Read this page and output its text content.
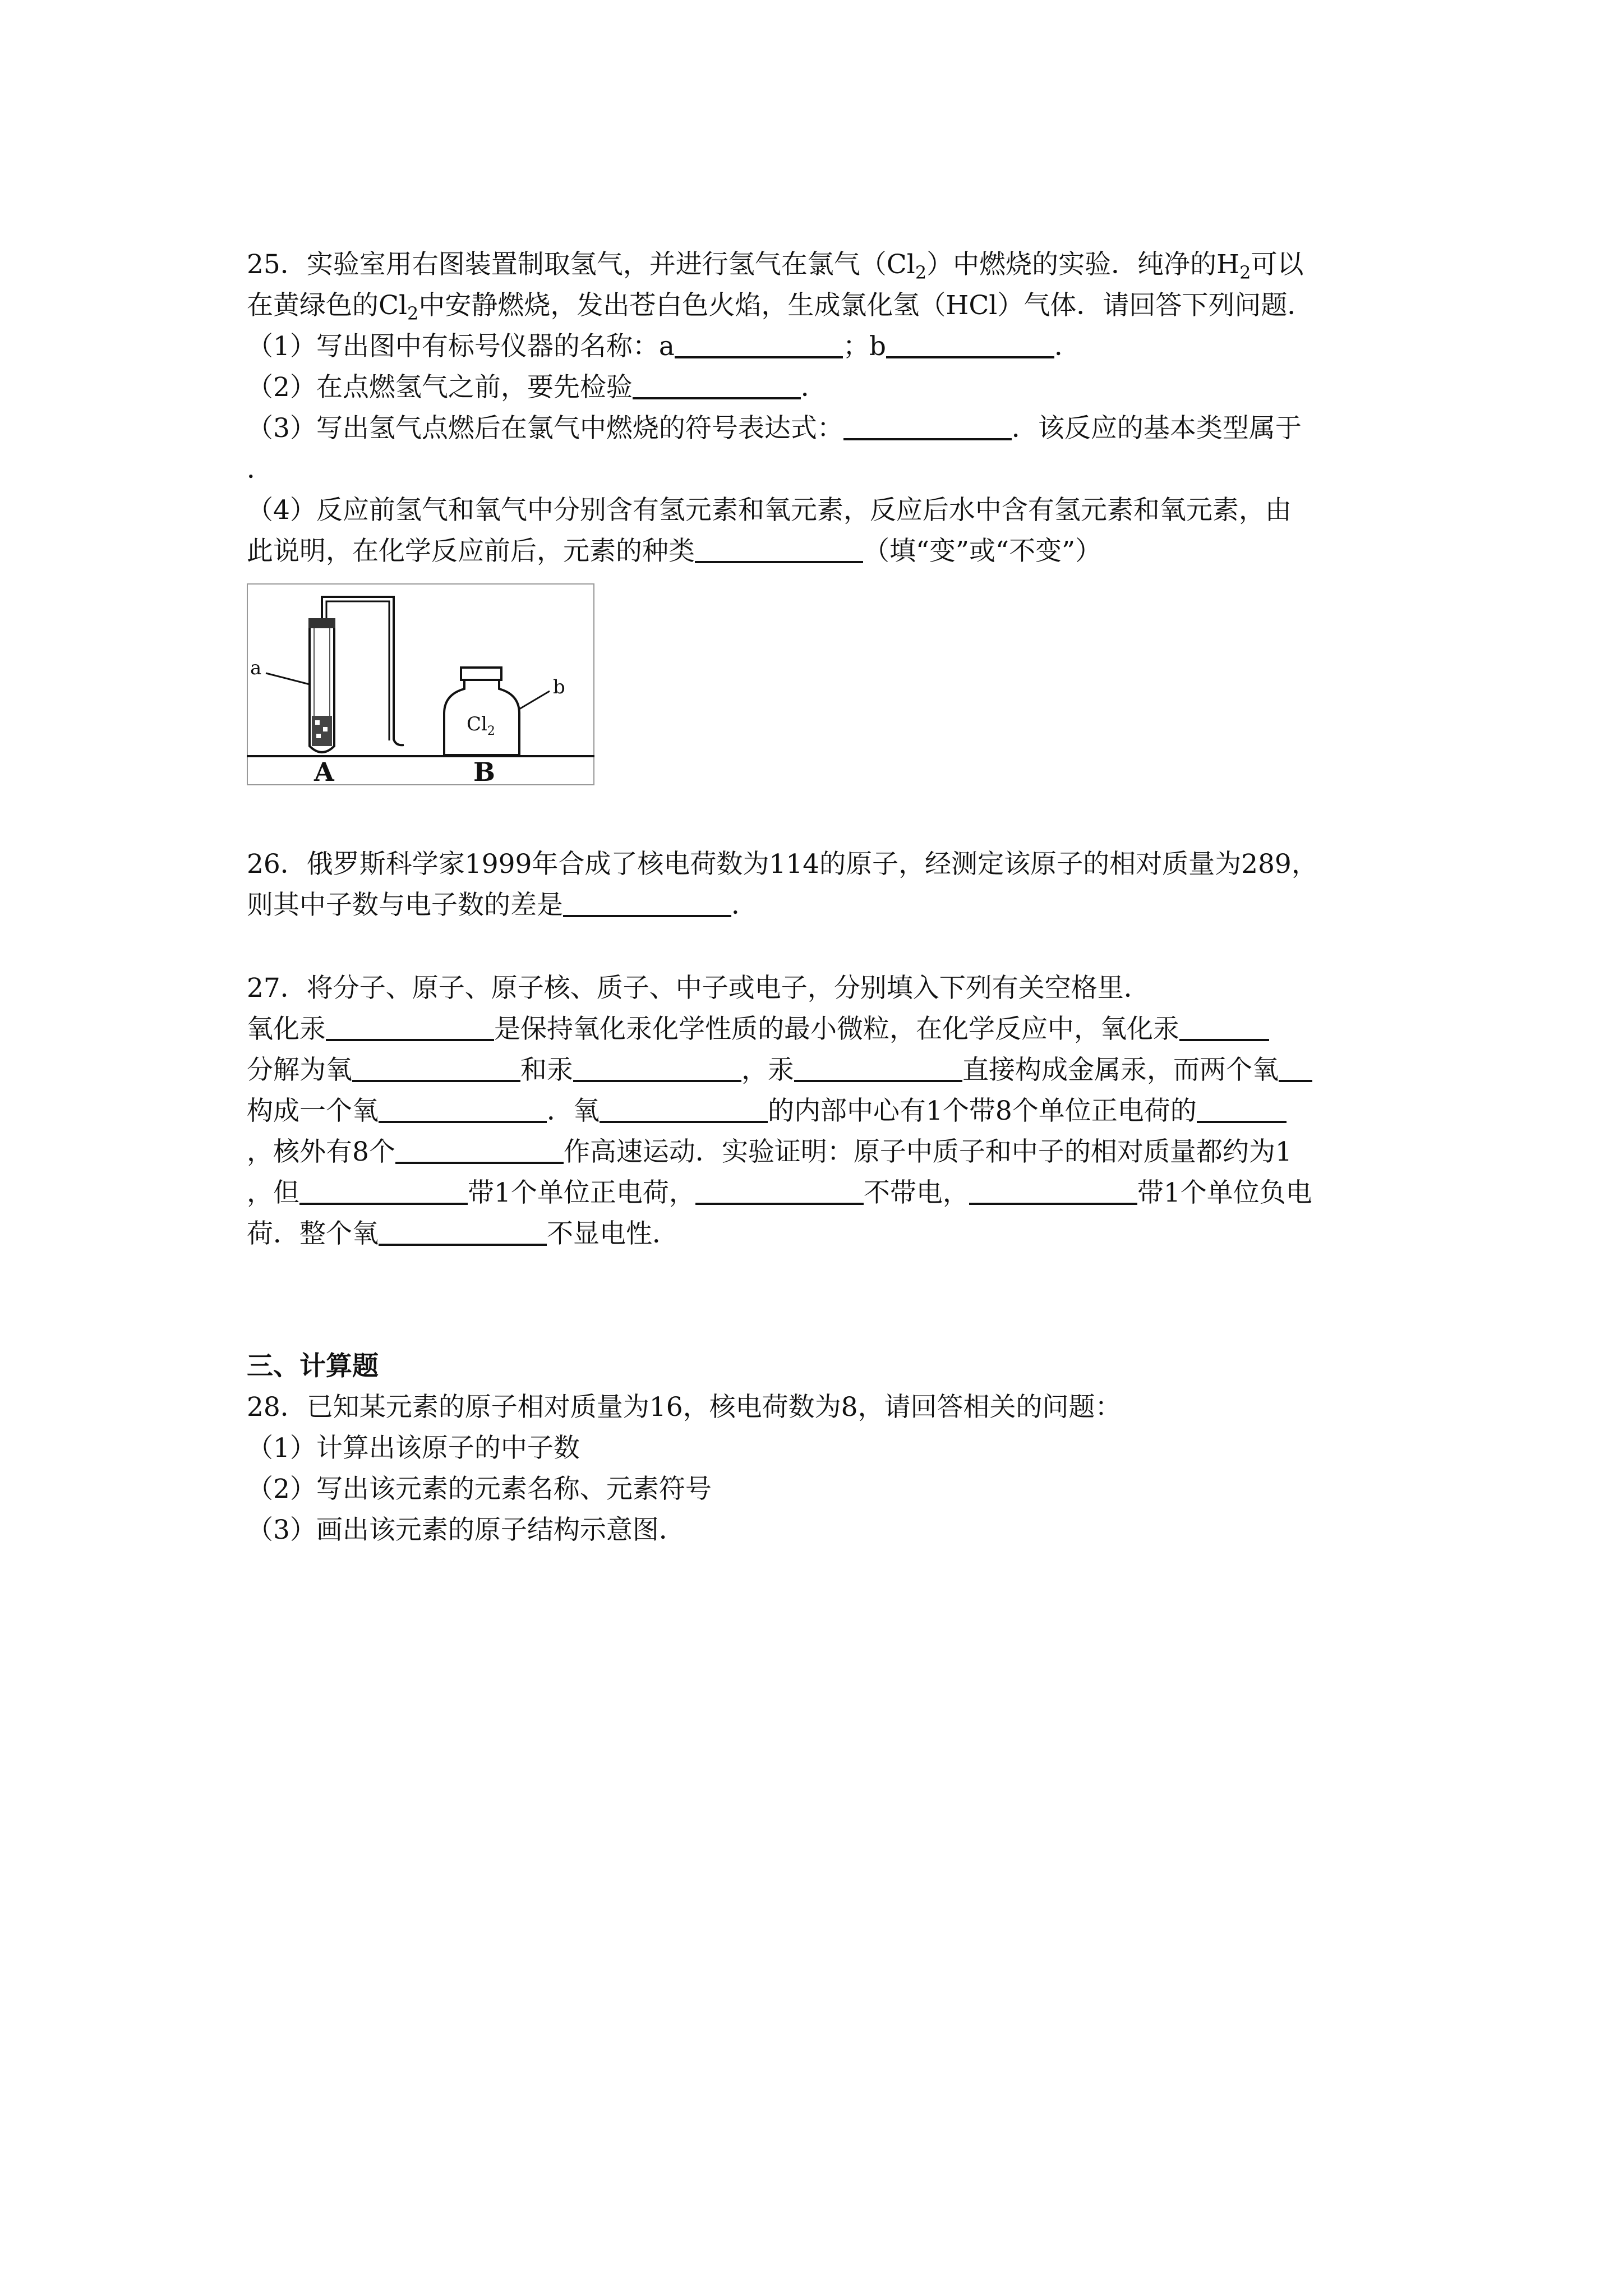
25．实验室用右图装置制取氢气，并进行氢气在氯气$(Cl_2)$中燃烧的实验．纯净的$H_2$可以
在黄绿色的$Cl_2$中安静燃烧，发出苍白色火焰，生成氯化氢（HCl）气体．请回答下列问题．
（1）写出图中有标号仪器的名称：a	；b	．
（2）在点燃氢气之前，要先检验	．
（3）写出氢气点燃后在氯气中燃烧的符号表达式：	．该反应的基本类型属于
．
（4）反应前氢气和氧气中分别含有氢元素和氧元素，反应后水中含有氢元素和氧元素，由
此说明，在化学反应前后，元素的种类	（填“变”或“不变”）
$Cl_2$
a
b
A	B
26．俄罗斯科学家1999年合成了核电荷数为114的原子，经测定该原子的相对质量为289，
则其中子数与电子数的差是	．
27．将分子、原子、原子核、质子、中子或电子，分别填入下列有关空格里．
氧化汞	是保持氧化汞化学性质的最小微粒，在化学反应中，氧化汞
分解为氧	和汞	，汞	直接构成金属汞，而两个氧
构成一个氧	．氧	的内部中心有1个带8个单位正电荷的
，核外有8个	作高速运动．实验证明：原子中质子和中子的相对质量都约为1
，但	带1个单位正电荷，	不带电，	带1个单位负电
荷．整个氧	不显电性．
三、计算题
28．已知某元素的原子相对质量为16，核电荷数为8，请回答相关的问题：
（1）计算出该原子的中子数
（2）写出该元素的元素名称、元素符号
（3）画出该元素的原子结构示意图．
